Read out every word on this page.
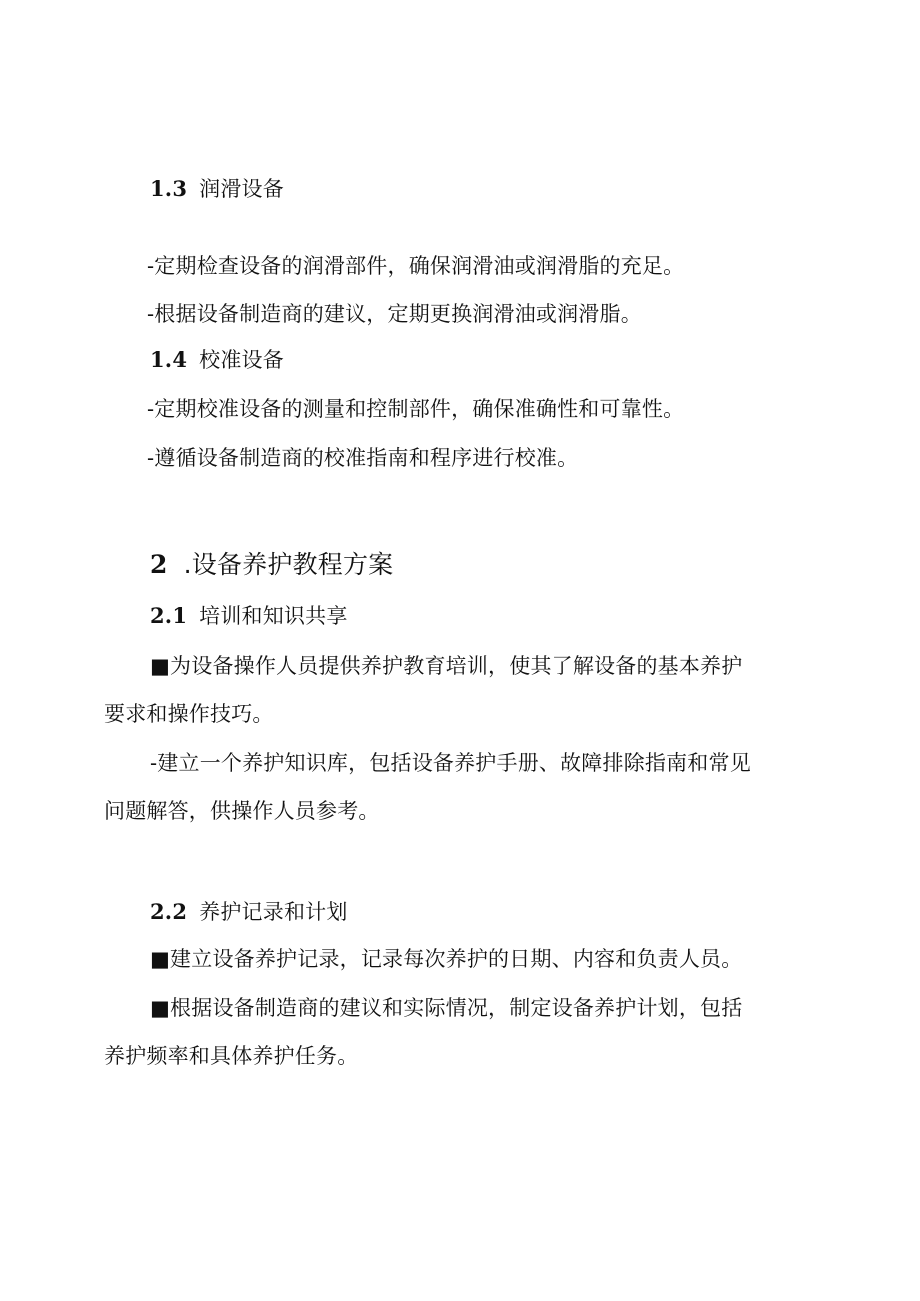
1.3 润滑设备
-定期检查设备的润滑部件，确保润滑油或润滑脂的充足。
-根据设备制造商的建议，定期更换润滑油或润滑脂。
1.4 校准设备
-定期校准设备的测量和控制部件，确保准确性和可靠性。
-遵循设备制造商的校准指南和程序进行校准。
2 .设备养护教程方案
2.1 培训和知识共享
■为设备操作人员提供养护教育培训，使其了解设备的基本养护
要求和操作技巧。
-建立一个养护知识库，包括设备养护手册、故障排除指南和常见
问题解答，供操作人员参考。
2.2 养护记录和计划
■建立设备养护记录，记录每次养护的日期、内容和负责人员。
■根据设备制造商的建议和实际情况，制定设备养护计划，包括
养护频率和具体养护任务。
